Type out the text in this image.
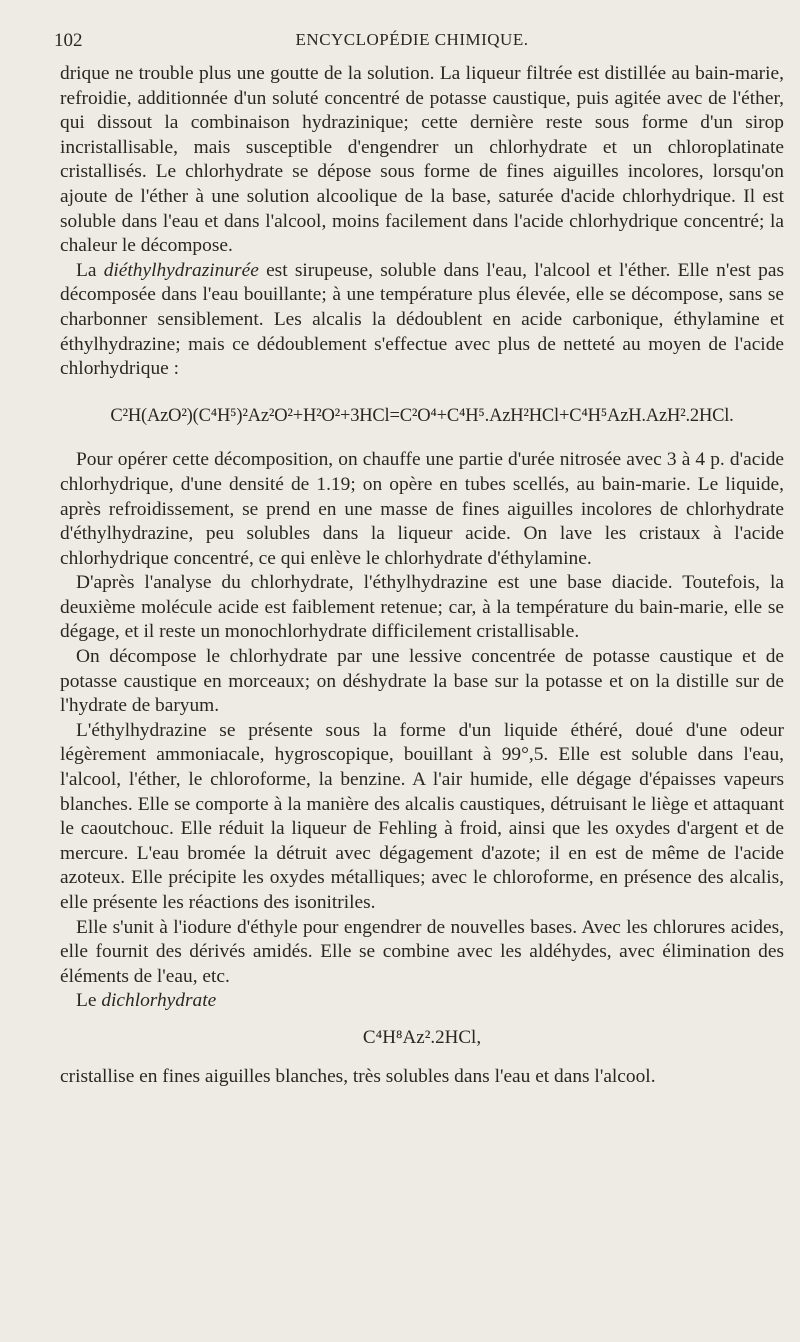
102	ENCYCLOPÉDIE CHIMIQUE.

drique ne trouble plus une goutte de la solution. La liqueur filtrée est distillée au bain-marie, refroidie, additionnée d'un soluté concentré de potasse caustique, puis agitée avec de l'éther, qui dissout la combinaison hydrazinique; cette dernière reste sous forme d'un sirop incristallisable, mais susceptible d'engendrer un chlorhydrate et un chloroplatinate cristallisés. Le chlorhydrate se dépose sous forme de fines aiguilles incolores, lorsqu'on ajoute de l'éther à une solution alcoolique de la base, saturée d'acide chlorhydrique. Il est soluble dans l'eau et dans l'alcool, moins facilement dans l'acide chlorhydrique concentré; la chaleur le décompose.

La diéthylhydrazinurée est sirupeuse, soluble dans l'eau, l'alcool et l'éther. Elle n'est pas décomposée dans l'eau bouillante; à une température plus élevée, elle se décompose, sans se charbonner sensiblement. Les alcalis la dédoublent en acide carbonique, éthylamine et éthylhydrazine; mais ce dédoublement s'effectue avec plus de netteté au moyen de l'acide chlorhydrique :

C²H(AzO²)(C⁴H⁵)²Az²O²+H²O²+3HCl=C²O⁴+C⁴H⁵.AzH²HCl+C⁴H⁵AzH.AzH².2HCl.

Pour opérer cette décomposition, on chauffe une partie d'urée nitrosée avec 3 à 4 p. d'acide chlorhydrique, d'une densité de 1.19; on opère en tubes scellés, au bain-marie. Le liquide, après refroidissement, se prend en une masse de fines aiguilles incolores de chlorhydrate d'éthylhydrazine, peu solubles dans la liqueur acide. On lave les cristaux à l'acide chlorhydrique concentré, ce qui enlève le chlorhydrate d'éthylamine.

D'après l'analyse du chlorhydrate, l'éthylhydrazine est une base diacide. Toutefois, la deuxième molécule acide est faiblement retenue; car, à la température du bain-marie, elle se dégage, et il reste un monochlorhydrate difficilement cristallisable.

On décompose le chlorhydrate par une lessive concentrée de potasse caustique et de potasse caustique en morceaux; on déshydrate la base sur la potasse et on la distille sur de l'hydrate de baryum.

L'éthylhydrazine se présente sous la forme d'un liquide éthéré, doué d'une odeur légèrement ammoniacale, hygroscopique, bouillant à 99°,5. Elle est soluble dans l'eau, l'alcool, l'éther, le chloroforme, la benzine. A l'air humide, elle dégage d'épaisses vapeurs blanches. Elle se comporte à la manière des alcalis caustiques, détruisant le liège et attaquant le caoutchouc. Elle réduit la liqueur de Fehling à froid, ainsi que les oxydes d'argent et de mercure. L'eau bromée la détruit avec dégagement d'azote; il en est de même de l'acide azoteux. Elle précipite les oxydes métalliques; avec le chloroforme, en présence des alcalis, elle présente les réactions des isonitriles.

Elle s'unit à l'iodure d'éthyle pour engendrer de nouvelles bases. Avec les chlorures acides, elle fournit des dérivés amidés. Elle se combine avec les aldéhydes, avec élimination des éléments de l'eau, etc.

Le dichlorhydrate

C⁴H⁸Az².2HCl,

cristallise en fines aiguilles blanches, très solubles dans l'eau et dans l'alcool.
